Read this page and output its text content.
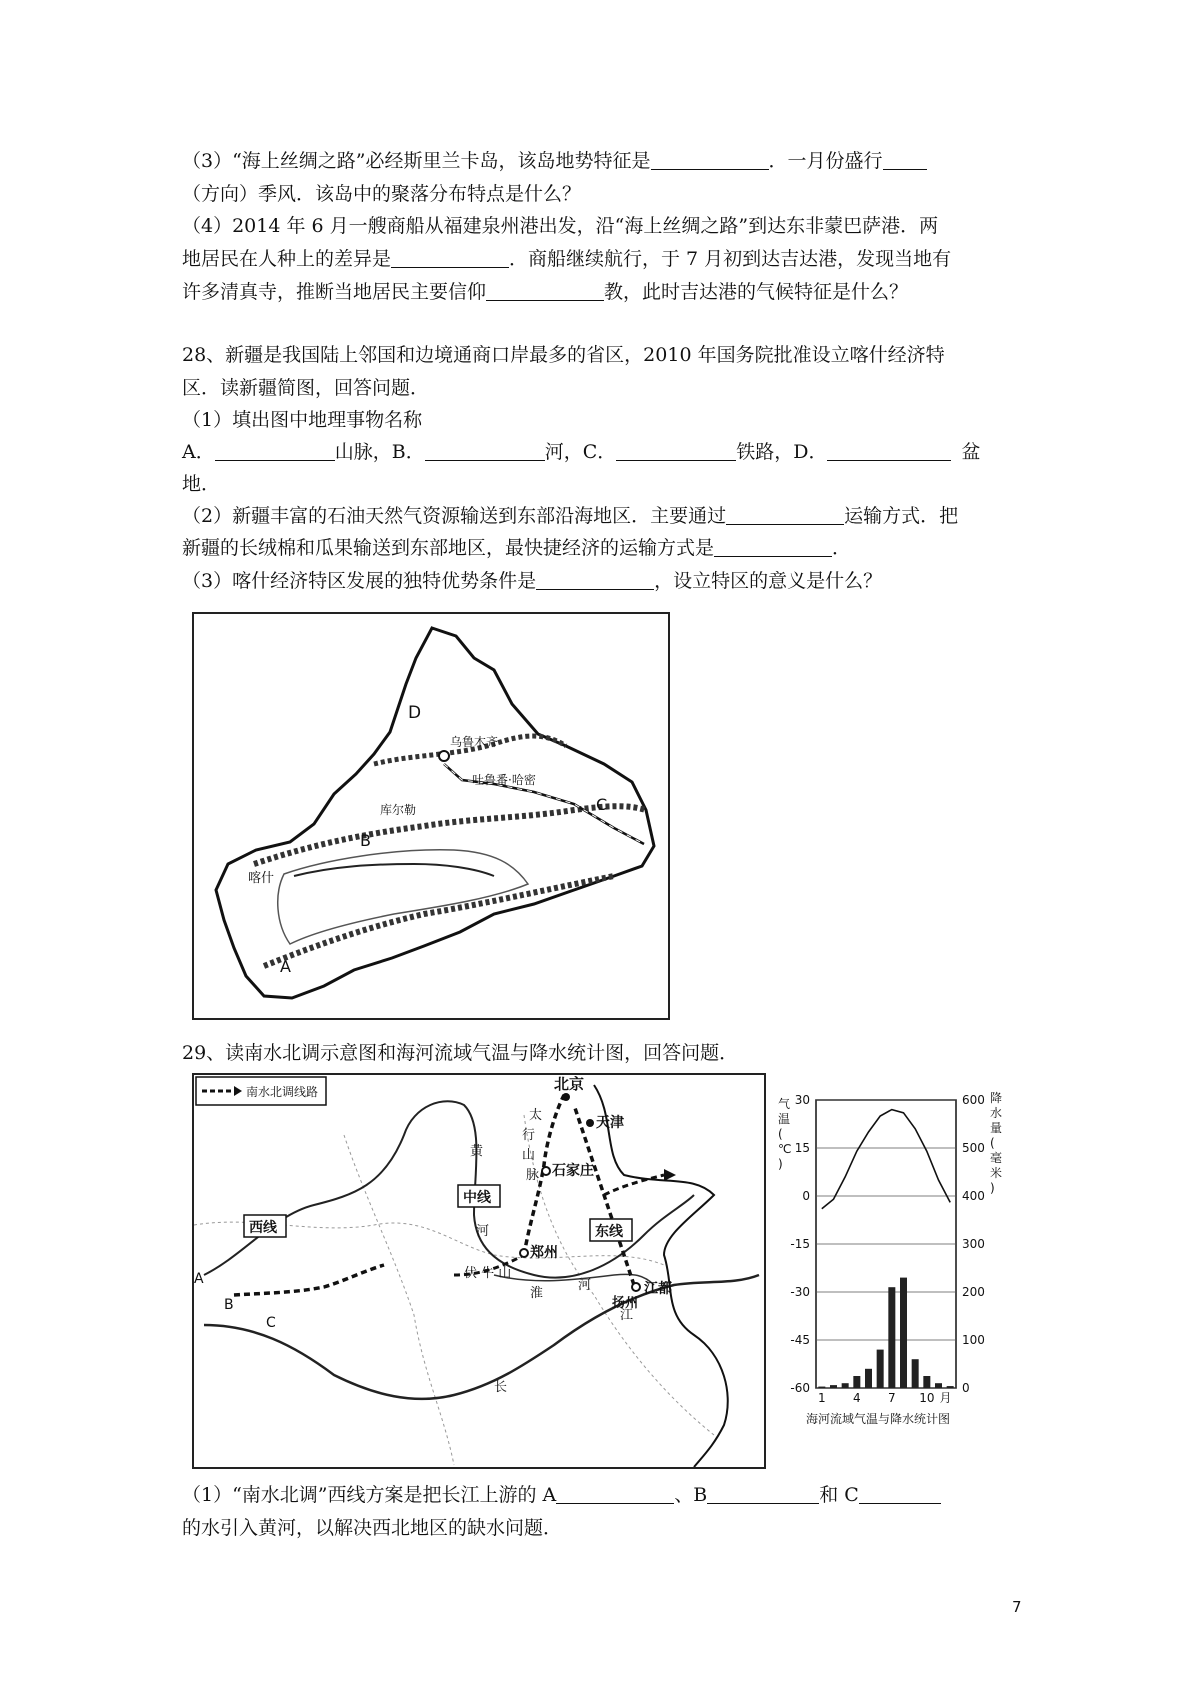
（3）“海上丝绸之路”必经斯里兰卡岛，该岛地势特征是	．一月份盛行
（方向）季风．该岛中的聚落分布特点是什么？
（4）2014 年 6 月一艘商船从福建泉州港出发，沿“海上丝绸之路”到达东非蒙巴萨港．两
地居民在人种上的差异是	．商船继续航行，于 7 月初到达吉达港，发现当地有
许多清真寺，推断当地居民主要信仰	教，此时吉达港的气候特征是什么？
28、新疆是我国陆上邻国和边境通商口岸最多的省区，2010 年国务院批准设立喀什经济特
区．读新疆简图，回答问题．
（1）填出图中地理事物名称
A．	山脉，B．	河，C．	铁路，D．	盆
地．
（2）新疆丰富的石油天然气资源输送到东部沿海地区．主要通过	运输方式．把
新疆的长绒棉和瓜果输送到东部地区，最快捷经济的运输方式是	．
（3）喀什经济特区发展的独特优势条件是	，设立特区的意义是什么？
乌鲁木齐
吐鲁番·哈密
库尔勒
喀什
D
C
B
A
29、读南水北调示意图和海河流域气温与降水统计图，回答问题．
南水北调线路	北京
天津
石家庄
郑州
扬州
江都
西线
中线
东线
太
行
山
脉
伏 牛 山
淮
河
长
江
黄
河
A
B
C
气
温
(
℃
)
降
水
量
(
毫
米
)
600
500
400
300
200
100
0
30
15
0
-15
-30
-45
-60
1 4 7 10 月
海河流域气温与降水统计图
（1）“南水北调”西线方案是把长江上游的 A	、B	和 C
的水引入黄河，以解决西北地区的缺水问题．
7
